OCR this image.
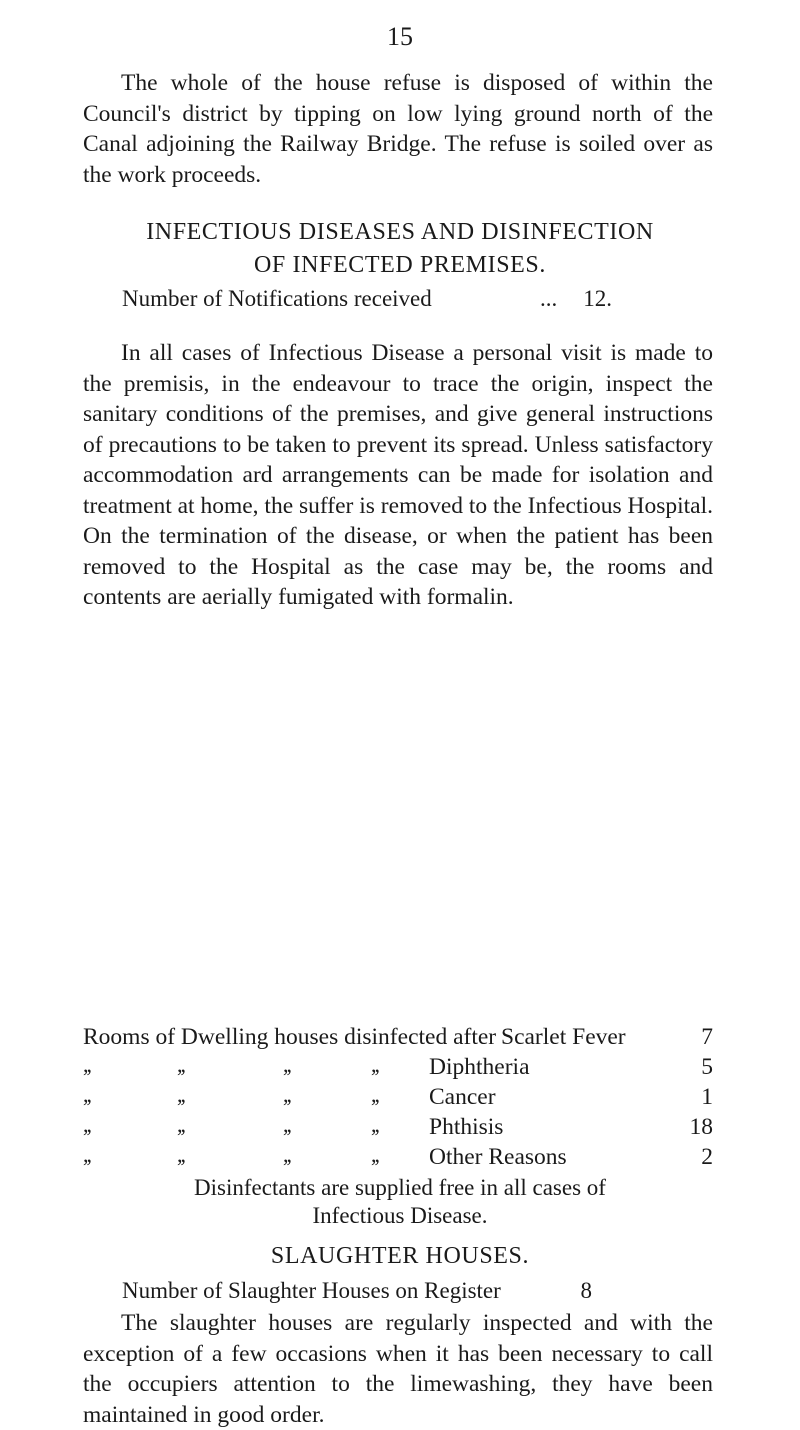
15

The whole of the house refuse is disposed of within the Council's district by tipping on low lying ground north of the Canal adjoining the Railway Bridge. The refuse is soiled over as the work proceeds.

INFECTIOUS DISEASES AND DISINFECTION
OF INFECTED PREMISES.
Number of Notifications received	... 12.

In all cases of Infectious Disease a personal visit is made to the premisis, in the endeavour to trace the origin, inspect the sanitary conditions of the premises, and give general instructions of precautions to be taken to prevent its spread. Unless satisfactory accommodation ard arrangements can be made for isolation and treatment at home, the suffer is removed to the Infectious Hospital. On the termination of the disease, or when the patient has been removed to the Hospital as the case may be, the rooms and contents are aerially fumigated with formalin.

Rooms of Dwelling houses disinfected after Scarlet Fever	7
,,	,,	,,	,, Diphtheria	5
,,	,,	,,	,, Cancer	1
,,	,,	,,	,, Phthisis	18
,,	,,	,,	,, Other Reasons	2

Disinfectants are supplied free in all cases of Infectious Disease.

SLAUGHTER HOUSES.
Number of Slaughter Houses on Register	8

The slaughter houses are regularly inspected and with the exception of a few occasions when it has been necessary to call the occupiers attention to the limewashing, they have been maintained in good order.
